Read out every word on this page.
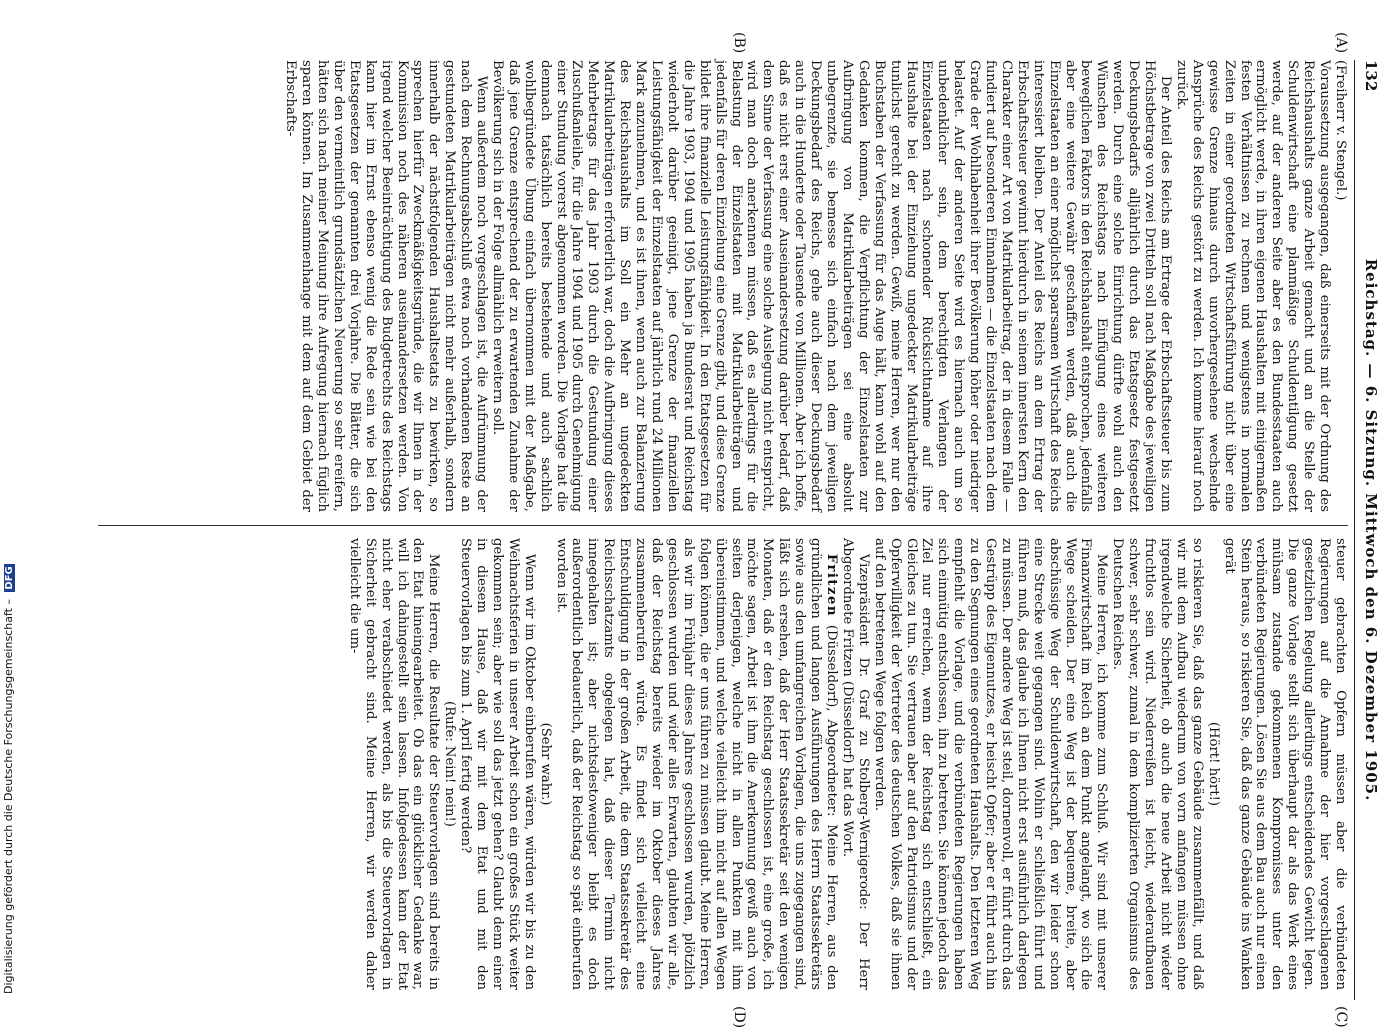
132
Reichstag. — 6. Sitzung. Mittwoch den 6. Dezember 1905.
(A)
(B)
(C)
(D)

(Freiherr v. Stengel.)

Voraussetzung ausgegangen, daß einerseits mit der Ordnung des Reichshaushalts ganze Arbeit gemacht und an die Stelle der Schuldenwirtschaft eine planmäßige Schuldentilgung gesetzt werde, auf der anderen Seite aber es den Bundesstaaten auch ermöglicht werde, in ihren eigenen Haushalten mit einigermaßen festen Verhältnissen zu rechnen und wenigstens in normalen Zeiten in einer geordneten Wirtschaftsführung nicht über eine gewisse Grenze hinaus durch unvorhergesehene wechselnde Ansprüche des Reichs gestört zu werden. Ich komme hierauf noch zurück.

Der Anteil des Reichs am Ertrage der Erbschaftssteuer bis zum Höchstbetrage von zwei Dritteln soll nach Maßgabe des jeweiligen Deckungsbedarfs alljährlich durch das Etatsgesetz festgesetzt werden. Durch eine solche Einrichtung dürfte wohl auch den Wünschen des Reichstags nach Einfügung eines weiteren beweglichen Faktors in den Reichshaushalt entsprochen, jedenfalls aber eine weitere Gewähr geschaffen werden, daß auch die Einzelstaaten an einer möglichst sparsamen Wirtschaft des Reichs interessiert bleiben. Der Anteil des Reichs an dem Ertrag der Erbschaftssteuer gewinnt hierdurch in seinem innersten Kern den Charakter einer Art von Matrikularbeitrag, der in diesem Falle — fundiert auf besonderen Einnahmen — die Einzelstaaten nach dem Grade der Wohlhabenheit ihrer Bevölkerung höher oder niedriger belastet. Auf der anderen Seite wird es hiernach auch um so unbedenklicher sein, dem berechtigten Verlangen der Einzelstaaten nach schonender Rücksichtnahme auf ihre Haushalte bei der Einziehung ungedeckter Matrikularbeiträge tunlichst gerecht zu werden. Gewiß, meine Herren, wer nur den Buchstaben der Verfassung für das Auge hält, kann wohl auf den Gedanken kommen, die Verpflichtung der Einzelstaaten zur Aufbringung von Matrikularbeiträgen sei eine absolut unbegrenzte, sie bemesse sich einfach nach dem jeweiligen Deckungsbedarf des Reichs, gehe auch dieser Deckungsbedarf auch in die Hunderte oder Tausende von Millionen. Aber ich hoffe, daß es nicht erst einer Auseinandersetzung darüber bedarf, daß dem Sinne der Verfassung eine solche Auslegung nicht entspricht, wird man doch anerkennen müssen, daß es allerdings für die Belastung der Einzelstaaten mit Matrikularbeiträgen und jedenfalls für deren Einziehung eine Grenze gibt, und diese Grenze bildet ihre finanzielle Leistungsfähigkeit. In den Etatsgesetzen für die Jahre 1903, 1904 und 1905 haben ja Bundesrat und Reichstag wiederholt darüber geeinigt, jene Grenze der finanziellen Leistungsfähigkeit der Einzelstaaten auf jährlich rund 24 Millionen Mark anzunehmen, und es ist ihnen, wenn auch zur Balanzierung des Reichshaushalts im Soll ein Mehr an ungedeckten Matrikularbeiträgen erforderlich war, doch die Aufbringung dieses Mehrbetrags für das Jahr 1903 durch die Gestundung einer Zuschußanleihe, für die Jahre 1904 und 1905 durch Genehmigung einer Stundung vorerst abgenommen worden. Die Vorlage hat die demnach tatsächlich bereits bestehende und auch sachlich wohlbegründete Übung einfach übernommen mit der Maßgabe, daß jene Grenze entsprechend der zu erwartenden Zunahme der Bevölkerung sich in der Folge allmählich erweitern soll.

Wenn außerdem noch vorgeschlagen ist, die Aufrümmung der nach dem Rechnungsabschluß etwa noch vorhandenen Reste an gestundeten Matrikularbeiträgen nicht mehr außerhalb, sondern innerhalb der nächstfolgenden Haushaltsetats zu bewirken, so sprechen hierfür Zweckmäßigkeitsgründe, die wir Ihnen in der Kommission noch des näheren auseinandersetzen werden. Von irgend welcher Beeinträchtigung des Budgetrechts des Reichstags kann hier im Ernst ebenso wenig die Rede sein wie bei den Etatsgesetzen der genannten drei Vorjahre. Die Blätter, die sich über den vermeintlich grundsätzlichen Neuerung so sehr ereifern, hätten sich nach meiner Meinung ihre Aufregung hiernach füglich sparen können. Im Zusammenhange mit dem auf dem Gebiet der Erbschafts-

steuer gebrachten Opfern müssen aber die verbündeten Regierungen auf die Annahme der hier vorgeschlagenen gesetzlichen Regelung allerdings entscheidendes Gewicht legen. Die ganze Vorlage stellt sich überhaupt dar als das Werk eines mühsam zustande gekommenen Kompromisses unter den verbündeten Regierungen. Lösen Sie aus dem Bau auch nur einen Stein heraus, so riskieren Sie, daß das ganze Gebäude ins Wanken gerät

(Hört! hört!)

so riskieren Sie, daß das ganze Gebäude zusammenfällt, und daß wir mit dem Aufbau wiederum von vorn anfangen müssen ohne irgendwelche Sicherheit, ob auch die neue Arbeit nicht wieder fruchtlos sein wird. Niederreißen ist leicht, wiederaufbauen schwer, sehr schwer, zumal in dem komplizierten Organismus des Deutschen Reiches.

Meine Herren, ich komme zum Schluß. Wir sind mit unserer Finanzwirtschaft im Reich an dem Punkt angelangt, wo sich die Wege scheiden. Der eine Weg ist der bequeme, breite, aber abschüssige Weg der Schuldenwirtschaft, den wir leider schon eine Strecke weit gegangen sind. Wohin er schließlich führt und führen muß, das glaube ich Ihnen nicht erst ausführlich darlegen zu müssen. Der andere Weg ist steil, dornenvoll, er führt durch das Gestrüpp des Eigennutzes, er heischt Opfer; aber er führt auch hin zu den Segnungen eines geordneten Haushalts. Den letzteren Weg empfiehlt die Vorlage, und die verbündeten Regierungen haben sich einmütig entschlossen, ihn zu betreten. Sie können jedoch das Ziel nur erreichen, wenn der Reichstag sich entschließt, ein Gleiches zu tun. Sie vertrauen aber auf den Patriotismus und der Opferwilligkeit der Vertreter des deutschen Volkes, daß sie ihnen auf den betretenen Wege folgen werden.

Vizepräsident Dr. Graf zu Stolberg-Wernigerode: Der Herr Abgeordnete Fritzen (Düsseldorf) hat das Wort.

Fritzen (Düsseldorf), Abgeordneter: Meine Herren, aus den gründlichen und langen Ausführungen des Herrn Staatssekretärs sowie aus den umfangreichen Vorlagen, die uns zugegangen sind, läßt sich ersehen, daß der Herr Staatssekretär seit den wenigen Monaten, daß er den Reichstag geschlossen ist, eine große, ich möchte sagen, Arbeit ist ihm die Anerkennung gewiß auch von seiten derjenigen, welche nicht in allen Punkten mit ihm übereinstimmen, und welche vielleicht ihm nicht auf allen Wegen folgen können, die er uns führen zu müssen glaubt. Meine Herren, als wir im Frühjahr dieses Jahres geschlossen wurden, plötzlich geschlossen wurden und wider alles Erwarten, glaubten wir alle, daß der Reichstag bereits wieder im Oktober dieses Jahres zusammenberufen würde. Es findet sich vielleicht eine Entschuldigung in der großen Arbeit, die dem Staatssekretär des Reichsschatzamts obgelegen hat, daß dieser Termin nicht innegehalten ist; aber nichtsdestoweniger bleibt es doch außerordentlich bedauerlich, daß der Reichstag so spät einberufen worden ist.

(Sehr wahr.)

Wenn wir im Oktober einberufen wären, würden wir bis zu den Weihnachtsferien in unserer Arbeit schon ein großes Stück weiter gekommen sein; aber wie soll das jetzt gehen? Glaubt denn einer in diesem Hause, daß wir mit dem Etat und mit den Steuervorlagen bis zum 1. April fertig werden?

(Rufe: Nein! nein!)

Meine Herren, die Resultate der Steuervorlagen sind bereits in den Etat hineingearbeitet. Ob das ein glücklicher Gedanke war, will ich dahingestellt sein lassen. Infolgedessen kann der Etat nicht eher verabschiedet werden, als bis die Steuervorlagen in Sicherheit gebracht sind. Meine Herren, wir werden daher vielleicht die um-

Digitalisierung gefördert durch die Deutsche Forschungsgemeinschaft – DFG
